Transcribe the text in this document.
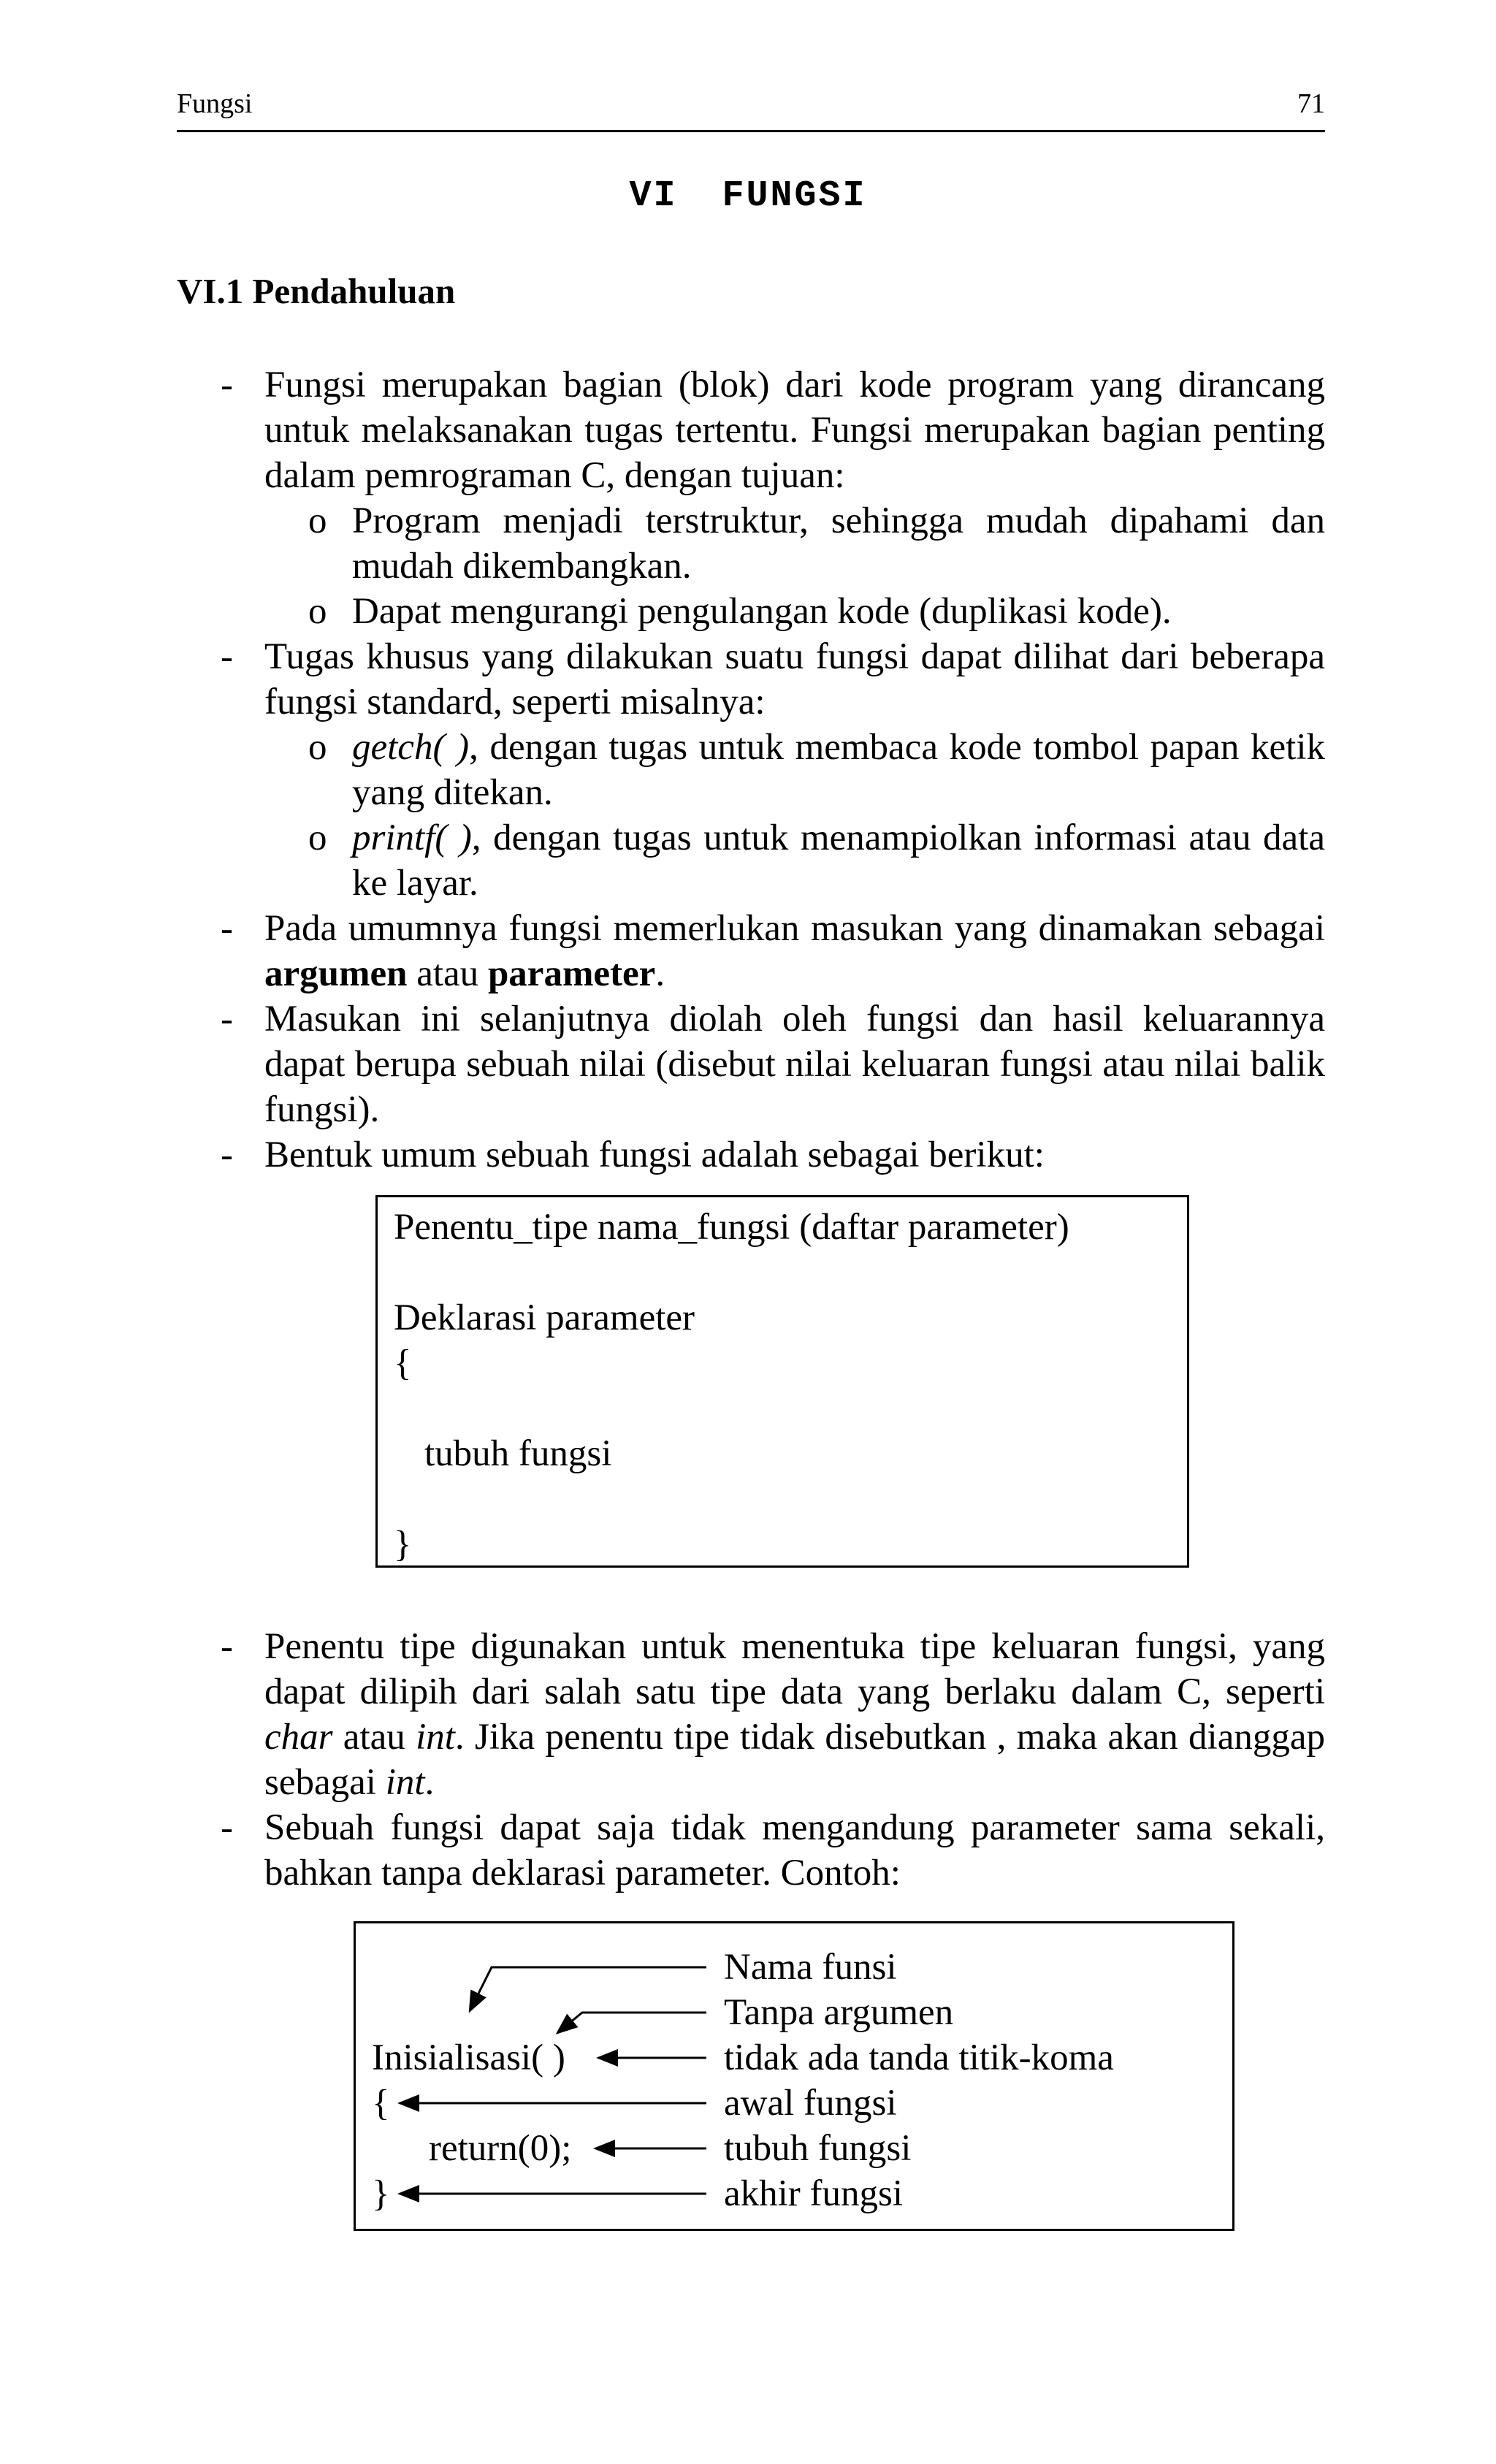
Fungsi	71
VI FUNGSI
VI.1 Pendahuluan
- Fungsi merupakan bagian (blok) dari kode program yang dirancang untuk melaksanakan tugas tertentu. Fungsi merupakan bagian penting dalam pemrograman C, dengan tujuan:
o Program menjadi terstruktur, sehingga mudah dipahami dan mudah dikembangkan.
o Dapat mengurangi pengulangan kode (duplikasi kode).
- Tugas khusus yang dilakukan suatu fungsi dapat dilihat dari beberapa fungsi standard, seperti misalnya:
o getch( ), dengan tugas untuk membaca kode tombol papan ketik yang ditekan.
o printf( ), dengan tugas untuk menampiolkan informasi atau data ke layar.
- Pada umumnya fungsi memerlukan masukan yang dinamakan sebagai argumen atau parameter.
- Masukan ini selanjutnya diolah oleh fungsi dan hasil keluarannya dapat berupa sebuah nilai (disebut nilai keluaran fungsi atau nilai balik fungsi).
- Bentuk umum sebuah fungsi adalah sebagai berikut:
Penentu_tipe nama_fungsi (daftar parameter)
Deklarasi parameter
{
tubuh fungsi
}
- Penentu tipe digunakan untuk menentuka tipe keluaran fungsi, yang dapat dilipih dari salah satu tipe data yang berlaku dalam C, seperti char atau int. Jika penentu tipe tidak disebutkan , maka akan dianggap sebagai int.
- Sebuah fungsi dapat saja tidak mengandung parameter sama sekali, bahkan tanpa deklarasi parameter. Contoh:
Inisialisasi( )
{
return(0);
}
Nama funsi
Tanpa argumen
tidak ada tanda titik-koma
awal fungsi
tubuh fungsi
akhir fungsi
